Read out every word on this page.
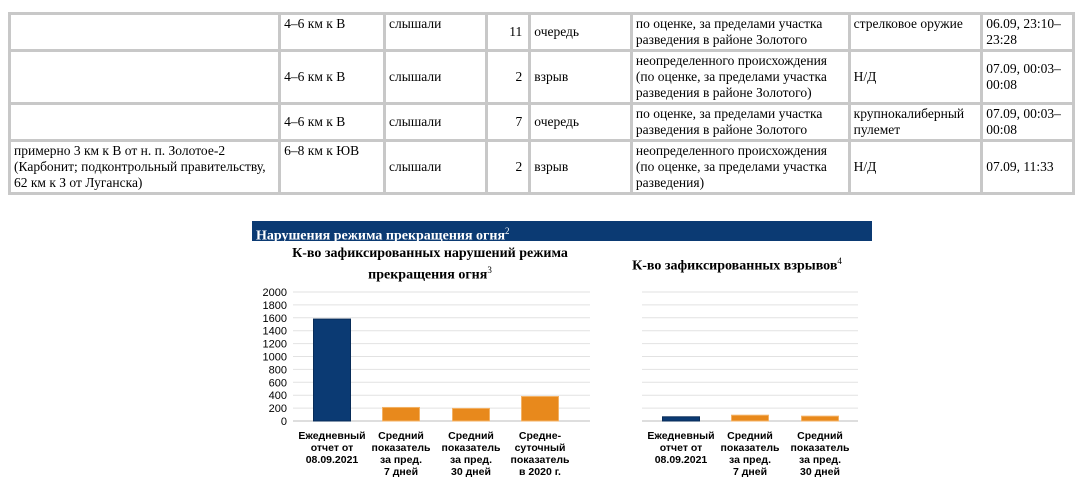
	4–6 км к В	слышали	11	очередь	по оценке, за пределами участка разведения в районе Золотого	стрелковое оружие	06.09, 23:10–23:28
	4–6 км к В	слышали	2	взрыв	неопределенного происхождения (по оценке, за пределами участка разведения в районе Золотого)	Н/Д	07.09, 00:03–00:08
	4–6 км к В	слышали	7	очередь	по оценке, за пределами участка разведения в районе Золотого	крупнокалиберный пулемет	07.09, 00:03–00:08
примерно 3 км к В от н. п. Золотое-2 (Карбонит; подконтрольный правительству, 62 км к З от Луганска)	6–8 км к ЮВ	слышали	2	взрыв	неопределенного происхождения (по оценке, за пределами участка разведения)	Н/Д	07.09, 11:33
Нарушения режима прекращения огня$^2$
К-во зафиксированных нарушений режима прекращения огня$^3$	К-во зафиксированных взрывов$^4$
0
200
400
600
800
1000
1200
1400
1600
1800
2000
Ежедневный отчет от 08.09.2021
Средний показатель за пред. 7 дней
Средний показатель за пред. 30 дней
Средне-суточный показатель в 2020 г.
Ежедневный отчет от 08.09.2021
Средний показатель за пред. 7 дней
Средний показатель за пред. 30 дней
